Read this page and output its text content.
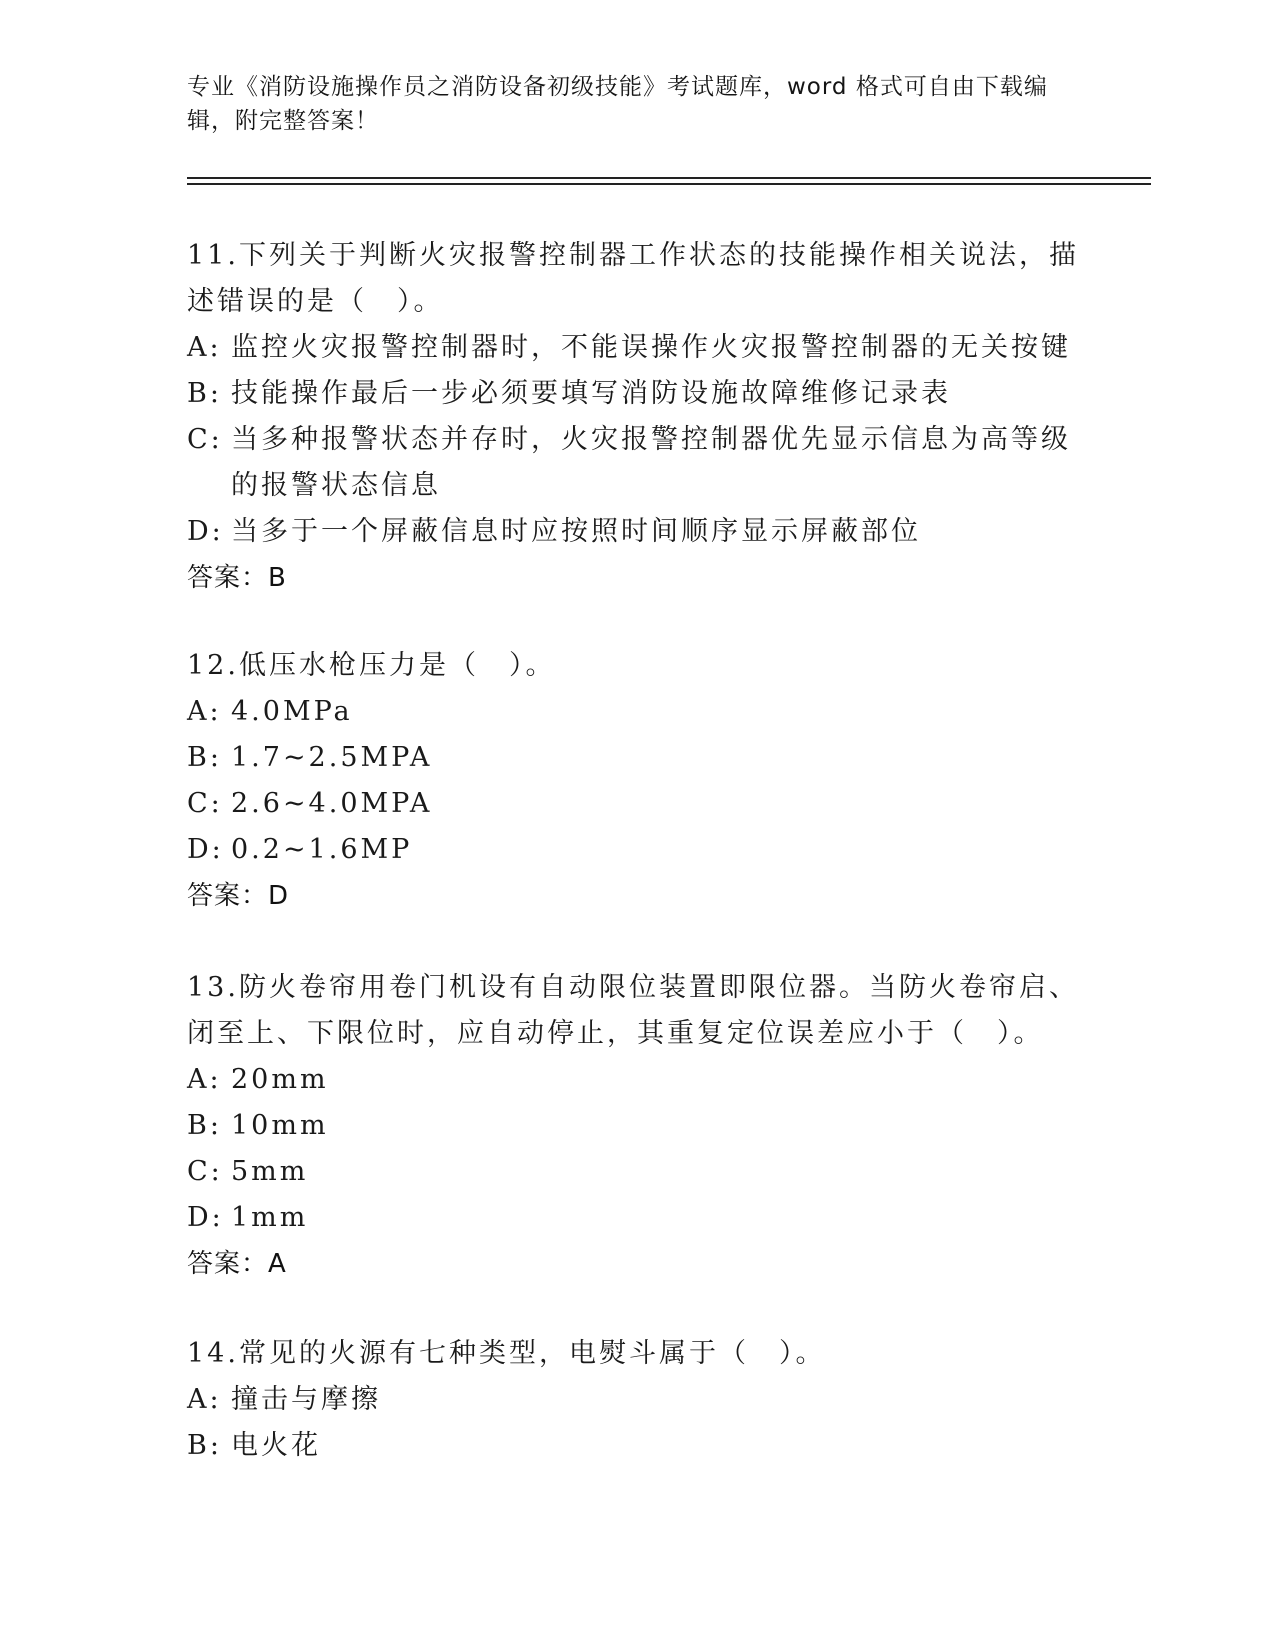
专业《消防设施操作员之消防设备初级技能》考试题库，word 格式可自由下载编辑，附完整答案！

11.下列关于判断火灾报警控制器工作状态的技能操作相关说法，描述错误的是（　）。

A: 监控火灾报警控制器时，不能误操作火灾报警控制器的无关按键
B: 技能操作最后一步必须要填写消防设施故障维修记录表
C: 当多种报警状态并存时，火灾报警控制器优先显示信息为高等级的报警状态信息
D: 当多于一个屏蔽信息时应按照时间顺序显示屏蔽部位

答案：B

12.低压水枪压力是（　）。

A: 4.0MPa
B: 1.7~2.5MPA
C: 2.6~4.0MPA
D: 0.2~1.6MP

答案：D

13.防火卷帘用卷门机设有自动限位装置即限位器。当防火卷帘启、闭至上、下限位时，应自动停止，其重复定位误差应小于（　）。

A: 20mm
B: 10mm
C: 5mm
D: 1mm

答案：A

14.常见的火源有七种类型，电熨斗属于（　）。

A: 撞击与摩擦
B: 电火花
